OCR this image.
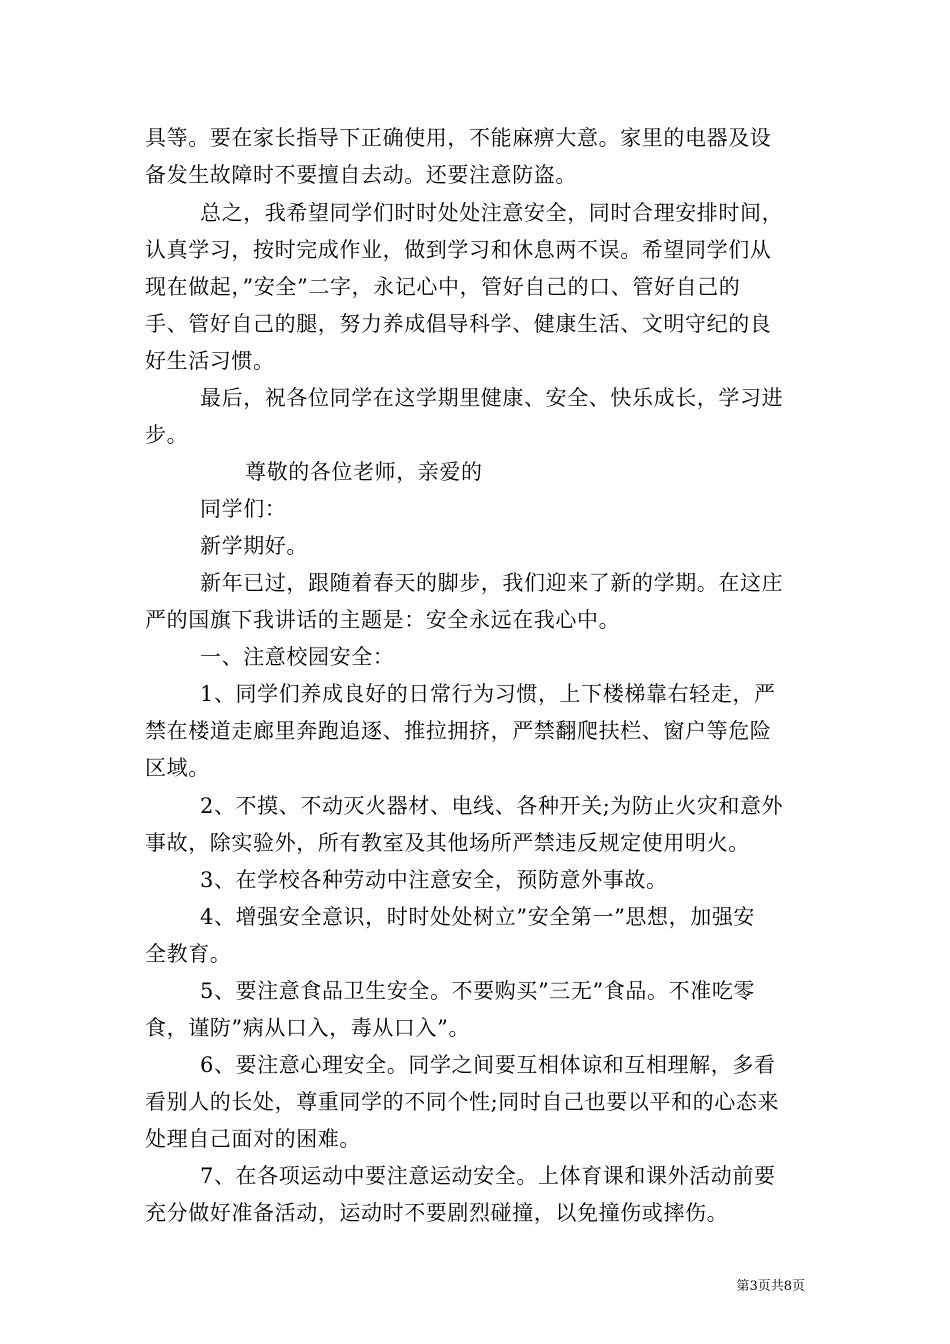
具等。要在家长指导下正确使用，不能麻痹大意。家里的电器及设
备发生故障时不要擅自去动。还要注意防盗。
总之，我希望同学们时时处处注意安全，同时合理安排时间，
认真学习，按时完成作业，做到学习和休息两不误。希望同学们从
现在做起，”安全”二字，永记心中，管好自己的口、管好自己的
手、管好自己的腿，努力养成倡导科学、健康生活、文明守纪的良
好生活习惯。
最后，祝各位同学在这学期里健康、安全、快乐成长，学习进
步。
尊敬的各位老师，亲爱的
同学们：
新学期好。
新年已过，跟随着春天的脚步，我们迎来了新的学期。在这庄
严的国旗下我讲话的主题是：安全永远在我心中。
一、注意校园安全：
1、同学们养成良好的日常行为习惯，上下楼梯靠右轻走，严
禁在楼道走廊里奔跑追逐、推拉拥挤，严禁翻爬扶栏、窗户等危险
区域。
2、不摸、不动灭火器材、电线、各种开关;为防止火灾和意外
事故，除实验外，所有教室及其他场所严禁违反规定使用明火。
3、在学校各种劳动中注意安全，预防意外事故。
4、增强安全意识，时时处处树立”安全第一”思想，加强安
全教育。
5、要注意食品卫生安全。不要购买”三无”食品。不准吃零
食，谨防”病从口入，毒从口入”。
6、要注意心理安全。同学之间要互相体谅和互相理解，多看
看别人的长处，尊重同学的不同个性;同时自己也要以平和的心态来
处理自己面对的困难。
7、在各项运动中要注意运动安全。上体育课和课外活动前要
充分做好准备活动，运动时不要剧烈碰撞，以免撞伤或摔伤。
第3页共8页
